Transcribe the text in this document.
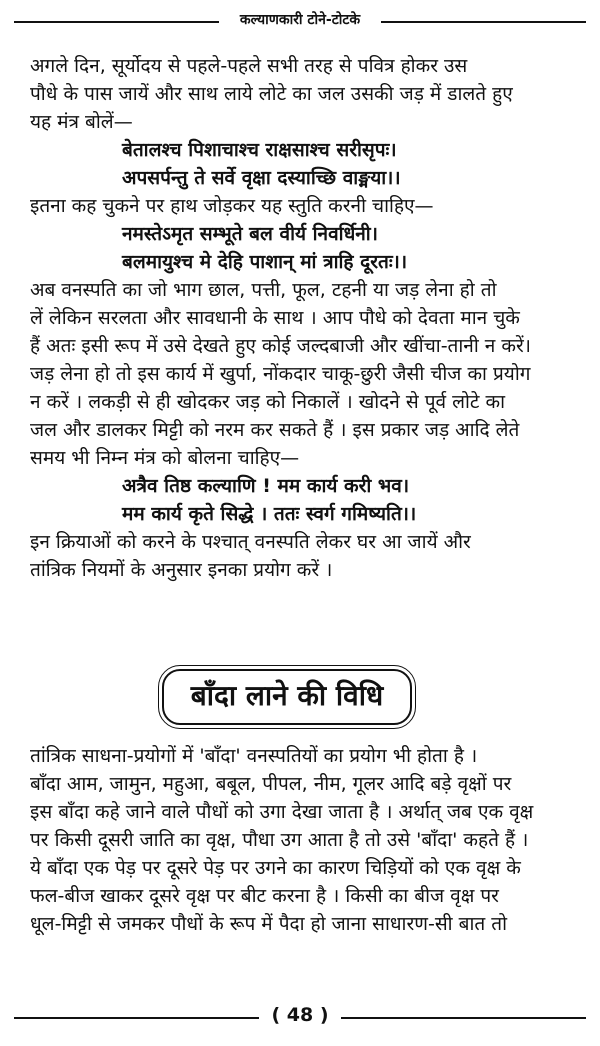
कल्याणकारी टोने-टोटके
अगले दिन, सूर्योदय से पहले-पहले सभी तरह से पवित्र होकर उस
पौधे के पास जायें और साथ लाये लोटे का जल उसकी जड़ में डालते हुए
यह मंत्र बोलें—
बेतालश्च पिशाचाश्च राक्षसाश्च सरीसृपः।
अपसर्पन्तु ते सर्वे वृक्षा दस्याच्छि वाङ्मया।।
इतना कह चुकने पर हाथ जोड़कर यह स्तुति करनी चाहिए—
नमस्तेऽमृत सम्भूते बल वीर्य निवर्धिनी।
बलमायुश्च मे देहि पाशान् मां त्राहि दूरतः।।
अब वनस्पति का जो भाग छाल, पत्ती, फूल, टहनी या जड़ लेना हो तो
लें लेकिन सरलता और सावधानी के साथ । आप पौधे को देवता मान चुके
हैं अतः इसी रूप में उसे देखते हुए कोई जल्दबाजी और खींचा-तानी न करें।
जड़ लेना हो तो इस कार्य में खुर्पा, नोंकदार चाकू-छुरी जैसी चीज का प्रयोग
न करें । लकड़ी से ही खोदकर जड़ को निकालें । खोदने से पूर्व लोटे का
जल और डालकर मिट्टी को नरम कर सकते हैं । इस प्रकार जड़ आदि लेते
समय भी निम्न मंत्र को बोलना चाहिए—
अत्रैव तिष्ठ कल्याणि ! मम कार्य करी भव।
मम कार्य कृते सिद्धे । ततः स्वर्ग गमिष्यति।।
इन क्रियाओं को करने के पश्चात् वनस्पति लेकर घर आ जायें और
तांत्रिक नियमों के अनुसार इनका प्रयोग करें ।
बाँदा लाने की विधि
तांत्रिक साधना-प्रयोगों में 'बाँदा' वनस्पतियों का प्रयोग भी होता है ।
बाँदा आम, जामुन, महुआ, बबूल, पीपल, नीम, गूलर आदि बड़े वृक्षों पर
इस बाँदा कहे जाने वाले पौधों को उगा देखा जाता है । अर्थात् जब एक वृक्ष
पर किसी दूसरी जाति का वृक्ष, पौधा उग आता है तो उसे 'बाँदा' कहते हैं ।
ये बाँदा एक पेड़ पर दूसरे पेड़ पर उगने का कारण चिड़ियों को एक वृक्ष के
फल-बीज खाकर दूसरे वृक्ष पर बीट करना है । किसी का बीज वृक्ष पर
धूल-मिट्टी से जमकर पौधों के रूप में पैदा हो जाना साधारण-सी बात तो
( 48 )
